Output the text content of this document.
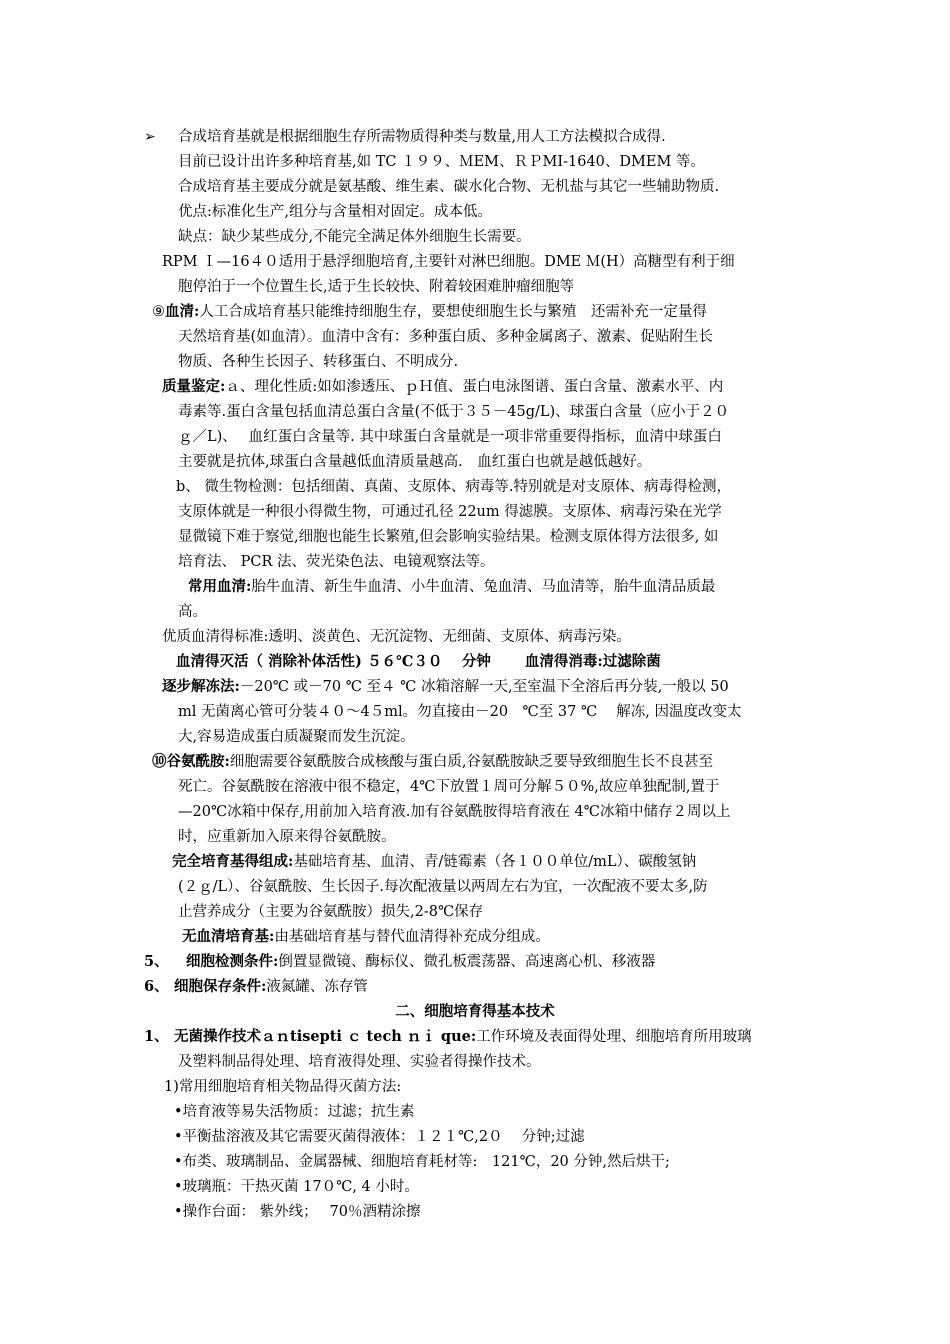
➢ 合成培育基就是根据细胞生存所需物质得种类与数量,用人工方法模拟合成得.
目前已设计出许多种培育基,如 TC １９９、ＭEM、ＲＰMI-1640、DMEM 等。
合成培育基主要成分就是氨基酸、维生素、碳水化合物、无机盐与其它一些辅助物质.
优点:标准化生产,组分与含量相对固定。成本低。
缺点：缺少某些成分,不能完全满足体外细胞生长需要。
RPM Ｉ—16４０适用于悬浮细胞培育,主要针对淋巴细胞。DME Ｍ(H）高糖型有利于细
胞停泊于一个位置生长,适于生长较快、附着较困难肿瘤细胞等
⑨血清:人工合成培育基只能维持细胞生存，要想使细胞生长与繁殖　还需补充一定量得
天然培育基(如血清）。血清中含有：多种蛋白质、多种金属离子、激素、促贴附生长
物质、各种生长因子、转移蛋白、不明成分.
质量鉴定:ａ、理化性质:如如渗透压、ｐＨ值、蛋白电泳图谱、蛋白含量、激素水平、内
毒素等.蛋白含量包括血清总蛋白含量(不低于３５－45g/L)、球蛋白含量（应小于２０
ｇ／L)、　 血红蛋白含量等. 其中球蛋白含量就是一项非常重要得指标，血清中球蛋白
主要就是抗体,球蛋白含量越低血清质量越高.　血红蛋白也就是越低越好。
b、 微生物检测：包括细菌、真菌、支原体、病毒等.特别就是对支原体、病毒得检测，
支原体就是一种很小得微生物，可通过孔径 22um 得滤膜。支原体、病毒污染在光学
显微镜下难于察觉,细胞也能生长繁殖,但会影响实验结果。检测支原体得方法很多, 如
培育法、 PCR 法、荧光染色法、电镜观察法等。
常用血清:胎牛血清、新生牛血清、小牛血清、兔血清、马血清等，胎牛血清品质最
高。
优质血清得标准:透明、淡黄色、无沉淀物、无细菌、支原体、病毒污染。
血清得灭活（ 消除补体活性) ５６℃３０　 分钟　　 血清得消毒:过滤除菌
逐步解冻法:－20℃ 或－70 ℃ 至４ ℃ 冰箱溶解一天,至室温下全溶后再分装,一般以 50
ml 无菌离心管可分装４０～4５ml。勿直接由－20　℃至 37 ℃　 解冻, 因温度改变太
大,容易造成蛋白质凝聚而发生沉淀。
⑩谷氨酰胺:细胞需要谷氨酰胺合成核酸与蛋白质,谷氨酰胺缺乏要导致细胞生长不良甚至
死亡。谷氨酰胺在溶液中很不稳定，4℃下放置１周可分解５０%,故应单独配制,置于
—20℃冰箱中保存,用前加入培育液.加有谷氨酰胺得培育液在 4℃冰箱中储存２周以上
时，应重新加入原来得谷氨酰胺。
完全培育基得组成:基础培育基、血清、青/链霉素（各１００单位/mL）、碳酸氢钠
(２ｇ/L）、谷氨酰胺、生长因子.每次配液量以两周左右为宜，一次配液不要太多,防
止营养成分（主要为谷氨酰胺）损失,2-8℃保存
无血清培育基:由基础培育基与替代血清得补充成分组成。
5、 细胞检测条件:倒置显微镜、酶标仪、微孔板震荡器、高速离心机、移液器
6、 细胞保存条件:液氮罐、冻存管
二、细胞培育得基本技术
1、 无菌操作技术ａｎtisepti ｃ tech ｎｉ que:工作环境及表面得处理、细胞培育所用玻璃
及塑料制品得处理、培育液得处理、实验者得操作技术。
1)常用细胞培育相关物品得灭菌方法:
•培育液等易失活物质：过滤；抗生素
•平衡盐溶液及其它需要灭菌得液体：１２１℃,2０　 分钟;过滤
•布类、玻璃制品、金属器械、细胞培育耗材等:　121℃，20 分钟,然后烘干;
•玻璃瓶：干热灭菌 17０℃, 4 小时。
•操作台面： 紫外线；　 70％酒精涂擦
